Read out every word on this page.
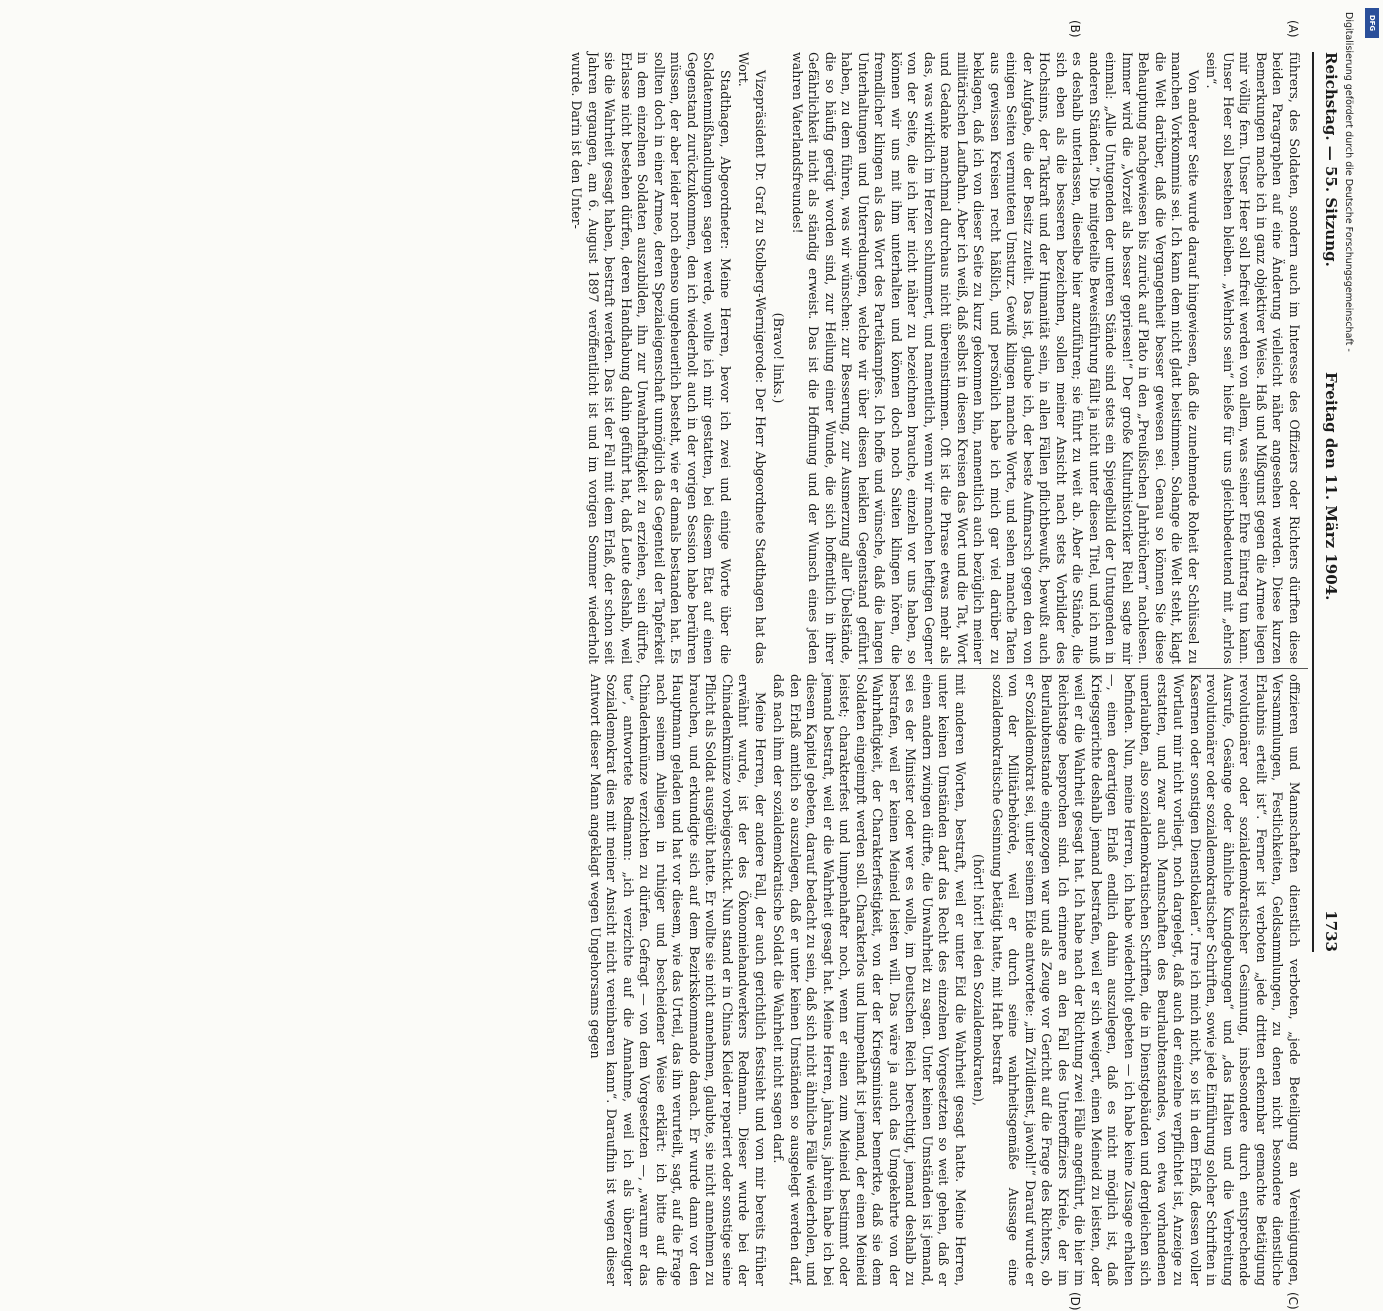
DFG
Digitalisierung gefördert durch die Deutsche Forschungsgemeinschaft -
Reichstag. — 55. Sitzung.
Freitag den 11. März 1904.
1733
(A)
(B)
(C)
(D)

führers, des Soldaten, sondern auch im Interesse des Offiziers oder Richters dürften diese beiden Paragraphen auf eine Änderung vielleicht näher angesehen werden. Diese kurzen Bemerkungen mache ich in ganz objektiver Weise. Haß und Mißgunst gegen die Armee liegen mir völlig fern. Unser Heer soll befreit werden von allem, was seiner Ehre Eintrag tun kann. Unser Heer soll bestehen bleiben. „Wehrlos sein“ hieße für uns gleichbedeutend mit „ehrlos sein“.

Von anderer Seite wurde darauf hingewiesen, daß die zunehmende Roheit der Schlüssel zu manchen Vorkommnis sei. Ich kann dem nicht glatt beistimmen. Solange die Welt steht, klagt die Welt darüber, daß die Vergangenheit besser gewesen sei. Genau so können Sie diese Behauptung nachgewiesen bis zurück auf Plato in den „Preußischen Jahrbüchern“ nachlesen. Immer wird die „Vorzeit als besser gepriesen!“ Der große Kulturhistoriker Riehl sagte mir einmal: „Alle Untugenden der unteren Stände sind stets ein Spiegelbild der Untugenden in anderen Ständen.“ Die mitgeteilte Beweisführung fällt ja nicht unter diesen Titel, und ich muß es deshalb unterlassen, dieselbe hier anzuführen; sie führt zu weit ab. Aber die Stände, die sich eben als die besseren bezeichnen, sollen meiner Ansicht nach stets Vorbilder des Hochsinns, der Tatkraft und der Humanität sein, in allen Fällen pflichtbewußt, bewußt auch der Aufgabe, die der Besitz zuteilt. Das ist, glaube ich, der beste Aufmarsch gegen den von einigen Seiten vermuteten Umsturz. Gewiß klingen manche Worte, und sehen manche Taten aus gewissen Kreisen recht häßlich, und persönlich habe ich mich gar viel darüber zu beklagen, daß ich von dieser Seite zu kurz gekommen bin, namentlich auch bezüglich meiner militärischen Laufbahn. Aber ich weiß, daß selbst in diesen Kreisen das Wort und die Tat, Wort und Gedanke manchmal durchaus nicht übereinstimmen. Oft ist die Phrase etwas mehr als das, was wirklich im Herzen schlummert, und namentlich, wenn wir manchen heftigen Gegner von der Seite, die ich hier nicht näher zu bezeichnen brauche, einzeln vor uns haben, so können wir uns mit ihm unterhalten und können doch noch Saiten klingen hören, die fremdlicher klingen als das Wort des Parteikampfes. Ich hoffe und wünsche, daß die langen Unterhaltungen und Unterredungen, welche wir über diesen heiklen Gegenstand geführt haben, zu dem führen, was wir wünschen: zur Besserung, zur Ausmerzung aller Übelstände, die so häufig gerügt worden sind, zur Heilung einer Wunde, die sich hoffentlich in ihrer Gefährlichkeit nicht als ständig erweist. Das ist die Hoffnung und der Wunsch eines jeden wahren Vaterlandsfreundes!

(Bravo! links.)

Vizepräsident Dr. Graf zu Stolberg-Wernigerode: Der Herr Abgeordnete Stadthagen hat das Wort.

Stadthagen, Abgeordneter: Meine Herren, bevor ich zwei und einige Worte über die Soldatenmißhandlungen sagen werde, wollte ich mir gestatten, bei diesem Etat auf einen Gegenstand zurückzukommen, den ich wiederholt auch in der vorigen Session habe berühren müssen, der aber leider noch ebenso ungeheuerlich besteht, wie er damals bestanden hat. Es sollten doch in einer Armee, deren Spezialeigenschaft unmöglich das Gegenteil der Tapferkeit in dem einzelnen Soldaten auszubilden, ihn zur Unwahrhaftigkeit zu erziehen, sein dürfte, Erlasse nicht bestehen dürfen, deren Handhabung dahin geführt hat, daß Leute deshalb, weil sie die Wahrheit gesagt haben, bestraft werden. Das ist der Fall mit dem Erlaß, der schon seit Jahren ergangen, am 6. August 1897 veröffentlicht ist und im vorigen Sommer wiederholt wurde. Darin ist den Unter-

offizieren und Mannschaften dienstlich verboten, „jede Beteiligung an Vereinigungen, Versammlungen, Festlichkeiten, Geldsammlungen, zu denen nicht besondere dienstliche Erlaubnis erteilt ist“. Ferner ist verboten „jede dritten erkennbar gemachte Betätigung revolutionärer oder sozialdemokratischer Gesinnung, insbesondere durch entsprechende Ausrufe, Gesänge oder ähnliche Kundgebungen“ und „das Halten und die Verbreitung revolutionärer oder sozialdemokratischer Schriften, sowie jede Einführung solcher Schriften in Kasernen oder sonstigen Dienstlokalen“. Irre ich mich nicht, so ist in dem Erlaß, dessen voller Wortlaut mir nicht vorliegt, noch dargelegt, daß auch der einzelne verpflichtet ist, Anzeige zu erstatten, und zwar auch Mannschaften des Beurlaubtenstandes, von etwa vorhandenen unerlaubten, also sozialdemokratischen Schriften, die in Dienstgebäuden und dergleichen sich befinden. Nun, meine Herren, ich habe wiederholt gebeten — ich habe keine Zusage erhalten —, einen derartigen Erlaß endlich dahin auszulegen, daß es nicht möglich ist, daß Kriegsgerichte deshalb jemand bestrafen, weil er sich weigert, einen Meineid zu leisten, oder weil er die Wahrheit gesagt hat. Ich habe nach der Richtung zwei Fälle angeführt, die hier im Reichstage besprochen sind. Ich erinnere an den Fall des Unteroffiziers Kriele, der im Beurlaubtenstande eingezogen war und als Zeuge vor Gericht auf die Frage des Richters, ob er Sozialdemokrat sei, unter seinem Eide antwortete: „im Zivildienst, jawohl!“ Darauf wurde er von der Militärbehörde, weil er durch seine wahrheitsgemäße Aussage eine sozialdemokratische Gesinnung betätigt hatte, mit Haft bestraft

(hört! hört! bei den Sozialdemokraten),

mit anderen Worten, bestraft, weil er unter Eid die Wahrheit gesagt hatte. Meine Herren, unter keinen Umständen darf das Recht des einzelnen Vorgesetzten so weit gehen, daß er einen andern zwingen dürfte, die Unwahrheit zu sagen. Unter keinen Umständen ist jemand, sei es der Minister oder wer es wolle, im Deutschen Reich berechtigt, jemand deshalb zu bestrafen, weil er keinen Meineid leisten will. Das wäre ja auch das Umgekehrte von der Wahrhaftigkeit, der Charakterfestigkeit, von der der Kriegsminister bemerkte, daß sie dem Soldaten eingeimpft werden soll. Charakterlos und lumpenhaft ist jemand, der einen Meineid leistet; charakterfest und lumpenhafter noch, wenn er einen zum Meineid bestimmt oder jemand bestraft, weil er die Wahrheit gesagt hat. Meine Herren, jahraus, jahrein habe ich bei diesem Kapitel gebeten, darauf bedacht zu sein, daß sich nicht ähnliche Fälle wiederholen, und den Erlaß amtlich so auszulegen, daß er unter keinen Umständen so ausgelegt werden darf, daß nach ihm der sozialdemokratische Soldat die Wahrheit nicht sagen darf.

Meine Herren, der andere Fall, der auch gerichtlich festsieht und von mir bereits früher erwähnt wurde, ist der des Ökonomiehandwerkers Redmann. Dieser wurde bei der Chinadenkmünze vorbeigeschickt. Nun stand er in Chinas Kleider repariert oder sonstige seine Pflicht als Soldat ausgeübt hatte. Er wollte sie nicht annehmen, glaubte, sie nicht annehmen zu brauchen, und erkundigte sich auf dem Bezirkskommando danach. Er wurde dann vor den Hauptmann geladen und hat vor diesem, wie das Urteil, das ihn verurteilt, sagt, auf die Frage nach seinem Anliegen in ruhiger und bescheidener Weise erklärt: ich bitte auf die Chinadenkmünze verzichten zu dürfen. Gefragt — von dem Vorgesetzten —, „warum er das tue“, antwortete Redmann: „ich verzichte auf die Annahme, weil ich als überzeugter Sozialdemokrat dies mit meiner Ansicht nicht vereinbaren kann“. Daraufhin ist wegen dieser Antwort dieser Mann angeklagt wegen Ungehorsams gegen
